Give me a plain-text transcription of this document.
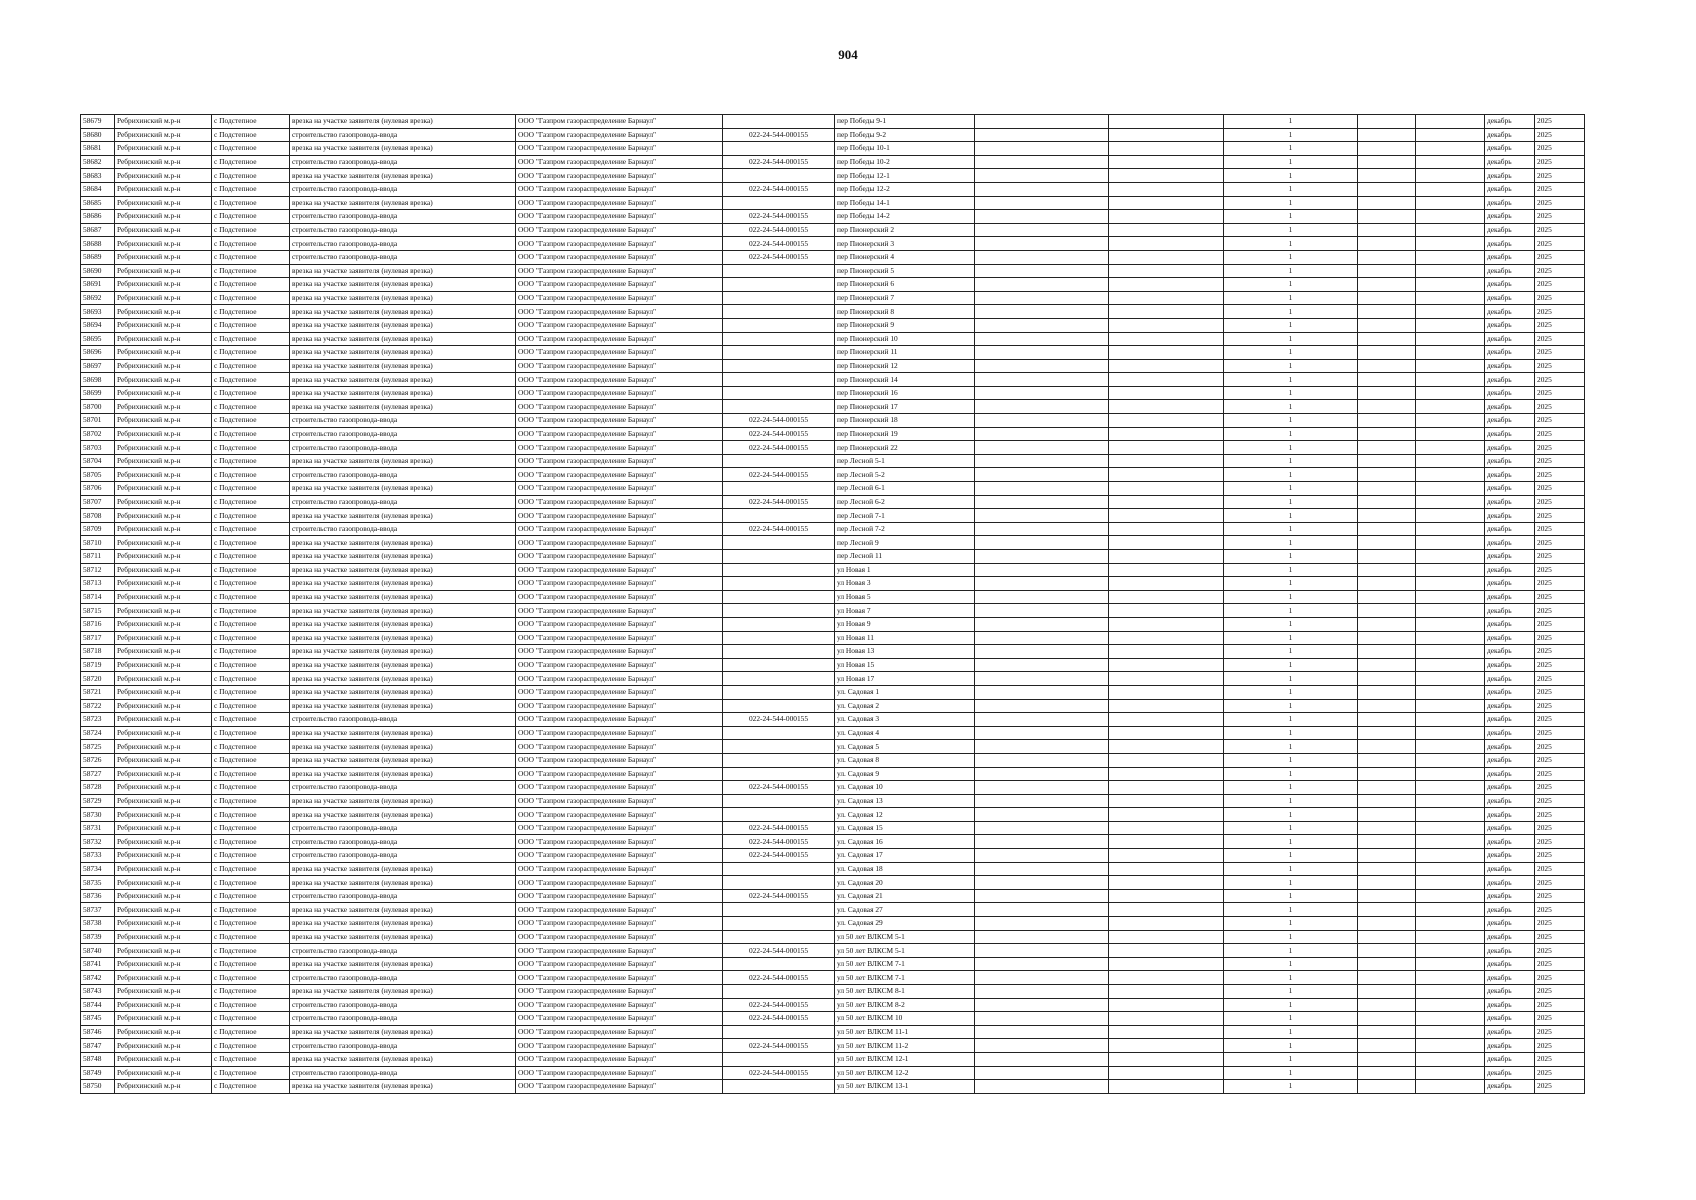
904
58679	Ребрихинский м.р-н	с Подстепное	врезка на участке заявителя (нулевая врезка)	ООО "Газпром газораспределение Барнаул"		пер Победы 9-1			1			декабрь	2025
58680	Ребрихинский м.р-н	с Подстепное	строительство газопровода-ввода	ООО "Газпром газораспределение Барнаул"	022-24-544-000155	пер Победы 9-2			1			декабрь	2025
58681	Ребрихинский м.р-н	с Подстепное	врезка на участке заявителя (нулевая врезка)	ООО "Газпром газораспределение Барнаул"		пер Победы 10-1			1			декабрь	2025
58682	Ребрихинский м.р-н	с Подстепное	строительство газопровода-ввода	ООО "Газпром газораспределение Барнаул"	022-24-544-000155	пер Победы 10-2			1			декабрь	2025
58683	Ребрихинский м.р-н	с Подстепное	врезка на участке заявителя (нулевая врезка)	ООО "Газпром газораспределение Барнаул"		пер Победы 12-1			1			декабрь	2025
58684	Ребрихинский м.р-н	с Подстепное	строительство газопровода-ввода	ООО "Газпром газораспределение Барнаул"	022-24-544-000155	пер Победы 12-2			1			декабрь	2025
58685	Ребрихинский м.р-н	с Подстепное	врезка на участке заявителя (нулевая врезка)	ООО "Газпром газораспределение Барнаул"		пер Победы 14-1			1			декабрь	2025
58686	Ребрихинский м.р-н	с Подстепное	строительство газопровода-ввода	ООО "Газпром газораспределение Барнаул"	022-24-544-000155	пер Победы 14-2			1			декабрь	2025
58687	Ребрихинский м.р-н	с Подстепное	строительство газопровода-ввода	ООО "Газпром газораспределение Барнаул"	022-24-544-000155	пер Пионерский 2			1			декабрь	2025
58688	Ребрихинский м.р-н	с Подстепное	строительство газопровода-ввода	ООО "Газпром газораспределение Барнаул"	022-24-544-000155	пер Пионерский 3			1			декабрь	2025
58689	Ребрихинский м.р-н	с Подстепное	строительство газопровода-ввода	ООО "Газпром газораспределение Барнаул"	022-24-544-000155	пер Пионерский 4			1			декабрь	2025
58690	Ребрихинский м.р-н	с Подстепное	врезка на участке заявителя (нулевая врезка)	ООО "Газпром газораспределение Барнаул"		пер Пионерский 5			1			декабрь	2025
58691	Ребрихинский м.р-н	с Подстепное	врезка на участке заявителя (нулевая врезка)	ООО "Газпром газораспределение Барнаул"		пер Пионерский 6			1			декабрь	2025
58692	Ребрихинский м.р-н	с Подстепное	врезка на участке заявителя (нулевая врезка)	ООО "Газпром газораспределение Барнаул"		пер Пионерский 7			1			декабрь	2025
58693	Ребрихинский м.р-н	с Подстепное	врезка на участке заявителя (нулевая врезка)	ООО "Газпром газораспределение Барнаул"		пер Пионерский 8			1			декабрь	2025
58694	Ребрихинский м.р-н	с Подстепное	врезка на участке заявителя (нулевая врезка)	ООО "Газпром газораспределение Барнаул"		пер Пионерский 9			1			декабрь	2025
58695	Ребрихинский м.р-н	с Подстепное	врезка на участке заявителя (нулевая врезка)	ООО "Газпром газораспределение Барнаул"		пер Пионерский 10			1			декабрь	2025
58696	Ребрихинский м.р-н	с Подстепное	врезка на участке заявителя (нулевая врезка)	ООО "Газпром газораспределение Барнаул"		пер Пионерский 11			1			декабрь	2025
58697	Ребрихинский м.р-н	с Подстепное	врезка на участке заявителя (нулевая врезка)	ООО "Газпром газораспределение Барнаул"		пер Пионерский 12			1			декабрь	2025
58698	Ребрихинский м.р-н	с Подстепное	врезка на участке заявителя (нулевая врезка)	ООО "Газпром газораспределение Барнаул"		пер Пионерский 14			1			декабрь	2025
58699	Ребрихинский м.р-н	с Подстепное	врезка на участке заявителя (нулевая врезка)	ООО "Газпром газораспределение Барнаул"		пер Пионерский 16			1			декабрь	2025
58700	Ребрихинский м.р-н	с Подстепное	врезка на участке заявителя (нулевая врезка)	ООО "Газпром газораспределение Барнаул"		пер Пионерский 17			1			декабрь	2025
58701	Ребрихинский м.р-н	с Подстепное	строительство газопровода-ввода	ООО "Газпром газораспределение Барнаул"	022-24-544-000155	пер Пионерский 18			1			декабрь	2025
58702	Ребрихинский м.р-н	с Подстепное	строительство газопровода-ввода	ООО "Газпром газораспределение Барнаул"	022-24-544-000155	пер Пионерский 19			1			декабрь	2025
58703	Ребрихинский м.р-н	с Подстепное	строительство газопровода-ввода	ООО "Газпром газораспределение Барнаул"	022-24-544-000155	пер Пионерский 22			1			декабрь	2025
58704	Ребрихинский м.р-н	с Подстепное	врезка на участке заявителя (нулевая врезка)	ООО "Газпром газораспределение Барнаул"		пер Лесной 5-1			1			декабрь	2025
58705	Ребрихинский м.р-н	с Подстепное	строительство газопровода-ввода	ООО "Газпром газораспределение Барнаул"	022-24-544-000155	пер Лесной 5-2			1			декабрь	2025
58706	Ребрихинский м.р-н	с Подстепное	врезка на участке заявителя (нулевая врезка)	ООО "Газпром газораспределение Барнаул"		пер Лесной 6-1			1			декабрь	2025
58707	Ребрихинский м.р-н	с Подстепное	строительство газопровода-ввода	ООО "Газпром газораспределение Барнаул"	022-24-544-000155	пер Лесной 6-2			1			декабрь	2025
58708	Ребрихинский м.р-н	с Подстепное	врезка на участке заявителя (нулевая врезка)	ООО "Газпром газораспределение Барнаул"		пер Лесной 7-1			1			декабрь	2025
58709	Ребрихинский м.р-н	с Подстепное	строительство газопровода-ввода	ООО "Газпром газораспределение Барнаул"	022-24-544-000155	пер Лесной 7-2			1			декабрь	2025
58710	Ребрихинский м.р-н	с Подстепное	врезка на участке заявителя (нулевая врезка)	ООО "Газпром газораспределение Барнаул"		пер Лесной 9			1			декабрь	2025
58711	Ребрихинский м.р-н	с Подстепное	врезка на участке заявителя (нулевая врезка)	ООО "Газпром газораспределение Барнаул"		пер Лесной 11			1			декабрь	2025
58712	Ребрихинский м.р-н	с Подстепное	врезка на участке заявителя (нулевая врезка)	ООО "Газпром газораспределение Барнаул"		ул Новая 1			1			декабрь	2025
58713	Ребрихинский м.р-н	с Подстепное	врезка на участке заявителя (нулевая врезка)	ООО "Газпром газораспределение Барнаул"		ул Новая 3			1			декабрь	2025
58714	Ребрихинский м.р-н	с Подстепное	врезка на участке заявителя (нулевая врезка)	ООО "Газпром газораспределение Барнаул"		ул Новая 5			1			декабрь	2025
58715	Ребрихинский м.р-н	с Подстепное	врезка на участке заявителя (нулевая врезка)	ООО "Газпром газораспределение Барнаул"		ул Новая 7			1			декабрь	2025
58716	Ребрихинский м.р-н	с Подстепное	врезка на участке заявителя (нулевая врезка)	ООО "Газпром газораспределение Барнаул"		ул Новая 9			1			декабрь	2025
58717	Ребрихинский м.р-н	с Подстепное	врезка на участке заявителя (нулевая врезка)	ООО "Газпром газораспределение Барнаул"		ул Новая 11			1			декабрь	2025
58718	Ребрихинский м.р-н	с Подстепное	врезка на участке заявителя (нулевая врезка)	ООО "Газпром газораспределение Барнаул"		ул Новая 13			1			декабрь	2025
58719	Ребрихинский м.р-н	с Подстепное	врезка на участке заявителя (нулевая врезка)	ООО "Газпром газораспределение Барнаул"		ул Новая 15			1			декабрь	2025
58720	Ребрихинский м.р-н	с Подстепное	врезка на участке заявителя (нулевая врезка)	ООО "Газпром газораспределение Барнаул"		ул Новая 17			1			декабрь	2025
58721	Ребрихинский м.р-н	с Подстепное	врезка на участке заявителя (нулевая врезка)	ООО "Газпром газораспределение Барнаул"		ул. Садовая 1			1			декабрь	2025
58722	Ребрихинский м.р-н	с Подстепное	врезка на участке заявителя (нулевая врезка)	ООО "Газпром газораспределение Барнаул"		ул. Садовая 2			1			декабрь	2025
58723	Ребрихинский м.р-н	с Подстепное	строительство газопровода-ввода	ООО "Газпром газораспределение Барнаул"	022-24-544-000155	ул. Садовая 3			1			декабрь	2025
58724	Ребрихинский м.р-н	с Подстепное	врезка на участке заявителя (нулевая врезка)	ООО "Газпром газораспределение Барнаул"		ул. Садовая 4			1			декабрь	2025
58725	Ребрихинский м.р-н	с Подстепное	врезка на участке заявителя (нулевая врезка)	ООО "Газпром газораспределение Барнаул"		ул. Садовая 5			1			декабрь	2025
58726	Ребрихинский м.р-н	с Подстепное	врезка на участке заявителя (нулевая врезка)	ООО "Газпром газораспределение Барнаул"		ул. Садовая 8			1			декабрь	2025
58727	Ребрихинский м.р-н	с Подстепное	врезка на участке заявителя (нулевая врезка)	ООО "Газпром газораспределение Барнаул"		ул. Садовая 9			1			декабрь	2025
58728	Ребрихинский м.р-н	с Подстепное	строительство газопровода-ввода	ООО "Газпром газораспределение Барнаул"	022-24-544-000155	ул. Садовая 10			1			декабрь	2025
58729	Ребрихинский м.р-н	с Подстепное	врезка на участке заявителя (нулевая врезка)	ООО "Газпром газораспределение Барнаул"		ул. Садовая 13			1			декабрь	2025
58730	Ребрихинский м.р-н	с Подстепное	врезка на участке заявителя (нулевая врезка)	ООО "Газпром газораспределение Барнаул"		ул. Садовая 12			1			декабрь	2025
58731	Ребрихинский м.р-н	с Подстепное	строительство газопровода-ввода	ООО "Газпром газораспределение Барнаул"	022-24-544-000155	ул. Садовая 15			1			декабрь	2025
58732	Ребрихинский м.р-н	с Подстепное	строительство газопровода-ввода	ООО "Газпром газораспределение Барнаул"	022-24-544-000155	ул. Садовая 16			1			декабрь	2025
58733	Ребрихинский м.р-н	с Подстепное	строительство газопровода-ввода	ООО "Газпром газораспределение Барнаул"	022-24-544-000155	ул. Садовая 17			1			декабрь	2025
58734	Ребрихинский м.р-н	с Подстепное	врезка на участке заявителя (нулевая врезка)	ООО "Газпром газораспределение Барнаул"		ул. Садовая 18			1			декабрь	2025
58735	Ребрихинский м.р-н	с Подстепное	врезка на участке заявителя (нулевая врезка)	ООО "Газпром газораспределение Барнаул"		ул. Садовая 20			1			декабрь	2025
58736	Ребрихинский м.р-н	с Подстепное	строительство газопровода-ввода	ООО "Газпром газораспределение Барнаул"	022-24-544-000155	ул. Садовая 21			1			декабрь	2025
58737	Ребрихинский м.р-н	с Подстепное	врезка на участке заявителя (нулевая врезка)	ООО "Газпром газораспределение Барнаул"		ул. Садовая 27			1			декабрь	2025
58738	Ребрихинский м.р-н	с Подстепное	врезка на участке заявителя (нулевая врезка)	ООО "Газпром газораспределение Барнаул"		ул. Садовая 29			1			декабрь	2025
58739	Ребрихинский м.р-н	с Подстепное	врезка на участке заявителя (нулевая врезка)	ООО "Газпром газораспределение Барнаул"		ул 50 лет ВЛКСМ 5-1			1			декабрь	2025
58740	Ребрихинский м.р-н	с Подстепное	строительство газопровода-ввода	ООО "Газпром газораспределение Барнаул"	022-24-544-000155	ул 50 лет ВЛКСМ 5-1			1			декабрь	2025
58741	Ребрихинский м.р-н	с Подстепное	врезка на участке заявителя (нулевая врезка)	ООО "Газпром газораспределение Барнаул"		ул 50 лет ВЛКСМ 7-1			1			декабрь	2025
58742	Ребрихинский м.р-н	с Подстепное	строительство газопровода-ввода	ООО "Газпром газораспределение Барнаул"	022-24-544-000155	ул 50 лет ВЛКСМ 7-1			1			декабрь	2025
58743	Ребрихинский м.р-н	с Подстепное	врезка на участке заявителя (нулевая врезка)	ООО "Газпром газораспределение Барнаул"		ул 50 лет ВЛКСМ 8-1			1			декабрь	2025
58744	Ребрихинский м.р-н	с Подстепное	строительство газопровода-ввода	ООО "Газпром газораспределение Барнаул"	022-24-544-000155	ул 50 лет ВЛКСМ 8-2			1			декабрь	2025
58745	Ребрихинский м.р-н	с Подстепное	строительство газопровода-ввода	ООО "Газпром газораспределение Барнаул"	022-24-544-000155	ул 50 лет ВЛКСМ 10			1			декабрь	2025
58746	Ребрихинский м.р-н	с Подстепное	врезка на участке заявителя (нулевая врезка)	ООО "Газпром газораспределение Барнаул"		ул 50 лет ВЛКСМ 11-1			1			декабрь	2025
58747	Ребрихинский м.р-н	с Подстепное	строительство газопровода-ввода	ООО "Газпром газораспределение Барнаул"	022-24-544-000155	ул 50 лет ВЛКСМ 11-2			1			декабрь	2025
58748	Ребрихинский м.р-н	с Подстепное	врезка на участке заявителя (нулевая врезка)	ООО "Газпром газораспределение Барнаул"		ул 50 лет ВЛКСМ 12-1			1			декабрь	2025
58749	Ребрихинский м.р-н	с Подстепное	строительство газопровода-ввода	ООО "Газпром газораспределение Барнаул"	022-24-544-000155	ул 50 лет ВЛКСМ 12-2			1			декабрь	2025
58750	Ребрихинский м.р-н	с Подстепное	врезка на участке заявителя (нулевая врезка)	ООО "Газпром газораспределение Барнаул"		ул 50 лет ВЛКСМ 13-1			1			декабрь	2025
